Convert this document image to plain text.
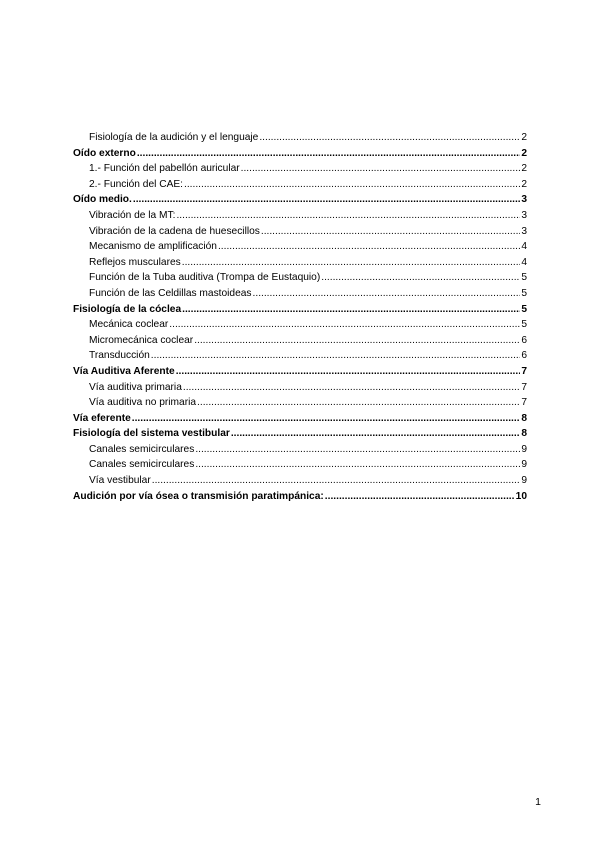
Fisiología de la audición y el lenguaje .....	2
Oído externo .....	2
1.- Función del pabellón auricular .....	2
2.- Función del CAE: .....	2
Oído medio. .....	3
Vibración de la MT: .....	3
Vibración de la cadena de huesecillos .....	3
Mecanismo de amplificación .....	4
Reflejos musculares .....	4
Función de la Tuba auditiva (Trompa de Eustaquio) .....	5
Función de las Celdillas mastoideas .....	5
Fisiología de la cóclea .....	5
Mecánica coclear .....	5
Micromecánica coclear .....	6
Transducción .....	6
Vía Auditiva Aferente .....	7
Vía auditiva primaria .....	7
Vía auditiva no primaria .....	7
Vía eferente .....	8
Fisiología del sistema vestibular .....	8
Canales semicirculares .....	9
Canales semicirculares .....	9
Vía vestibular .....	9
Audición por vía ósea o transmisión paratimpánica: .....	10
1
